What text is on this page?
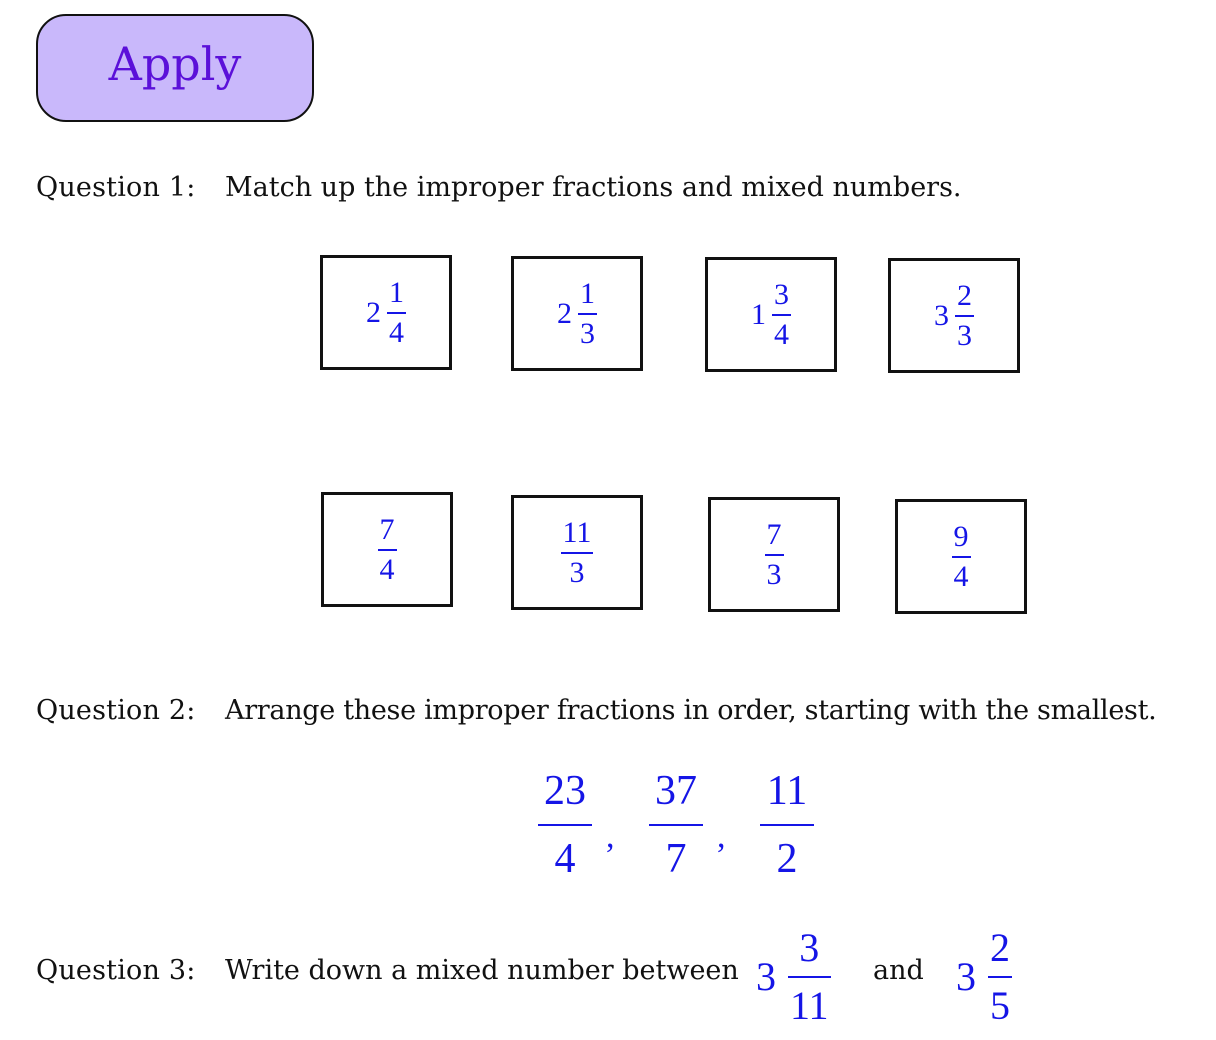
Apply
Question 1: Match up the improper fractions and mixed numbers.
$2 \frac{1}{4}$	$2 \frac{1}{3}$	$1 \frac{3}{4}$	$3 \frac{2}{3}$
$\frac{7}{4}$	$\frac{11}{3}$	$\frac{7}{3}$	$\frac{9}{4}$
Question 2: Arrange these improper fractions in order, starting with the smallest.
23
4 ,
37
7 ,
11
2
Question 3: Write down a mixed number between $3 \frac{3}{11}$ and $3 \frac{2}{5}$
